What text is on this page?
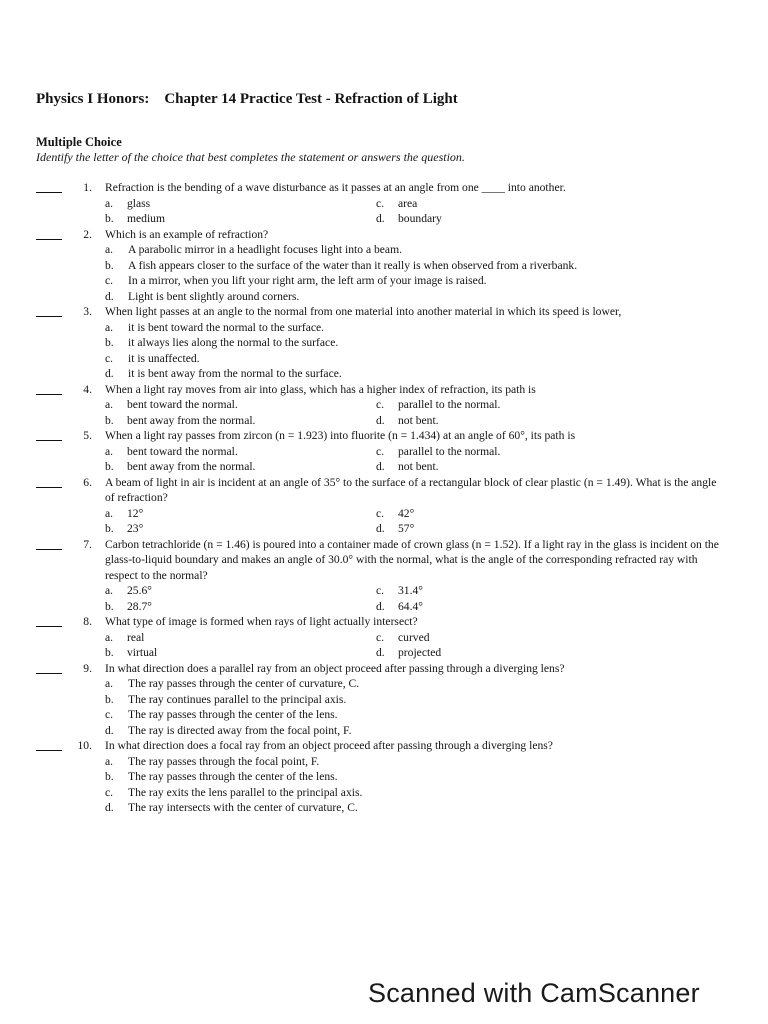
Physics I Honors:    Chapter 14 Practice Test - Refraction of Light
Multiple Choice
Identify the letter of the choice that best completes the statement or answers the question.
1. Refraction is the bending of a wave disturbance as it passes at an angle from one ____ into another.
a. glass	c. area
b. medium	d. boundary
2. Which is an example of refraction?
a. A parabolic mirror in a headlight focuses light into a beam.
b. A fish appears closer to the surface of the water than it really is when observed from a riverbank.
c. In a mirror, when you lift your right arm, the left arm of your image is raised.
d. Light is bent slightly around corners.
3. When light passes at an angle to the normal from one material into another material in which its speed is lower,
a. it is bent toward the normal to the surface.
b. it always lies along the normal to the surface.
c. it is unaffected.
d. it is bent away from the normal to the surface.
4. When a light ray moves from air into glass, which has a higher index of refraction, its path is
a. bent toward the normal.	c. parallel to the normal.
b. bent away from the normal.	d. not bent.
5. When a light ray passes from zircon (n = 1.923) into fluorite (n = 1.434) at an angle of 60°, its path is
a. bent toward the normal.	c. parallel to the normal.
b. bent away from the normal.	d. not bent.
6. A beam of light in air is incident at an angle of 35° to the surface of a rectangular block of clear plastic (n = 1.49). What is the angle of refraction?
a. 12°	c. 42°
b. 23°	d. 57°
7. Carbon tetrachloride (n = 1.46) is poured into a container made of crown glass (n = 1.52). If a light ray in the glass is incident on the glass-to-liquid boundary and makes an angle of 30.0° with the normal, what is the angle of the corresponding refracted ray with respect to the normal?
a. 25.6°	c. 31.4°
b. 28.7°	d. 64.4°
8. What type of image is formed when rays of light actually intersect?
a. real	c. curved
b. virtual	d. projected
9. In what direction does a parallel ray from an object proceed after passing through a diverging lens?
a. The ray passes through the center of curvature, C.
b. The ray continues parallel to the principal axis.
c. The ray passes through the center of the lens.
d. The ray is directed away from the focal point, F.
10. In what direction does a focal ray from an object proceed after passing through a diverging lens?
a. The ray passes through the focal point, F.
b. The ray passes through the center of the lens.
c. The ray exits the lens parallel to the principal axis.
d. The ray intersects with the center of curvature, C.
Scanned with CamScanner
